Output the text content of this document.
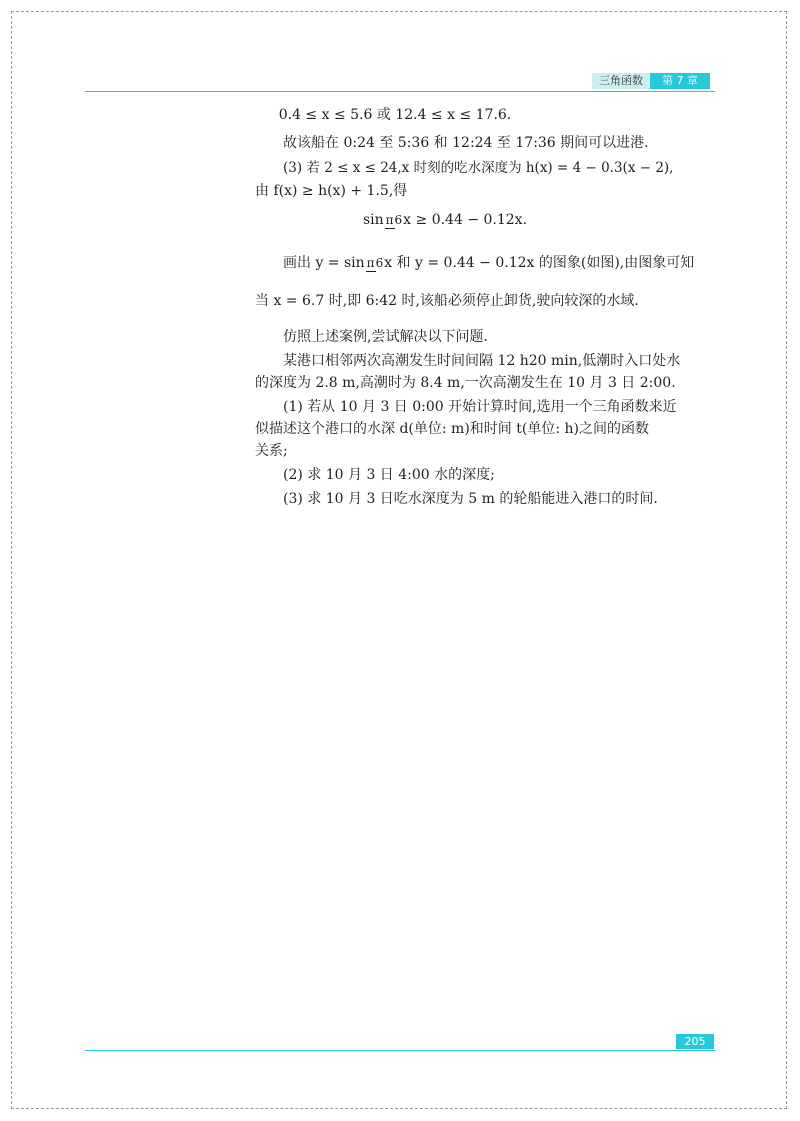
三角函数	第 7 章
0.4 ≤ x ≤ 5.6 或 12.4 ≤ x ≤ 17.6.
故该船在 0:24 至 5:36 和 12:24 至 17:36 期间可以进港.
(3) 若 2 ≤ x ≤ 24,x 时刻的吃水深度为 h(x) = 4 − 0.3(x − 2),
由 f(x) ≥ h(x) + 1.5,得
sin π6x ≥ 0.44 − 0.12x.
画出 y = sin π6x 和 y = 0.44 − 0.12x 的图象(如图),由图象可知
当 x = 6.7 时,即 6:42 时,该船必须停止卸货,驶向较深的水域.
仿照上述案例,尝试解决以下问题.
某港口相邻两次高潮发生时间间隔 12 h20 min,低潮时入口处水
的深度为 2.8 m,高潮时为 8.4 m,一次高潮发生在 10 月 3 日 2:00.
(1) 若从 10 月 3 日 0:00 开始计算时间,选用一个三角函数来近
似描述这个港口的水深 d(单位: m)和时间 t(单位: h)之间的函数
关系;
(2) 求 10 月 3 日 4:00 水的深度;
(3) 求 10 月 3 日吃水深度为 5 m 的轮船能进入港口的时间.
205
